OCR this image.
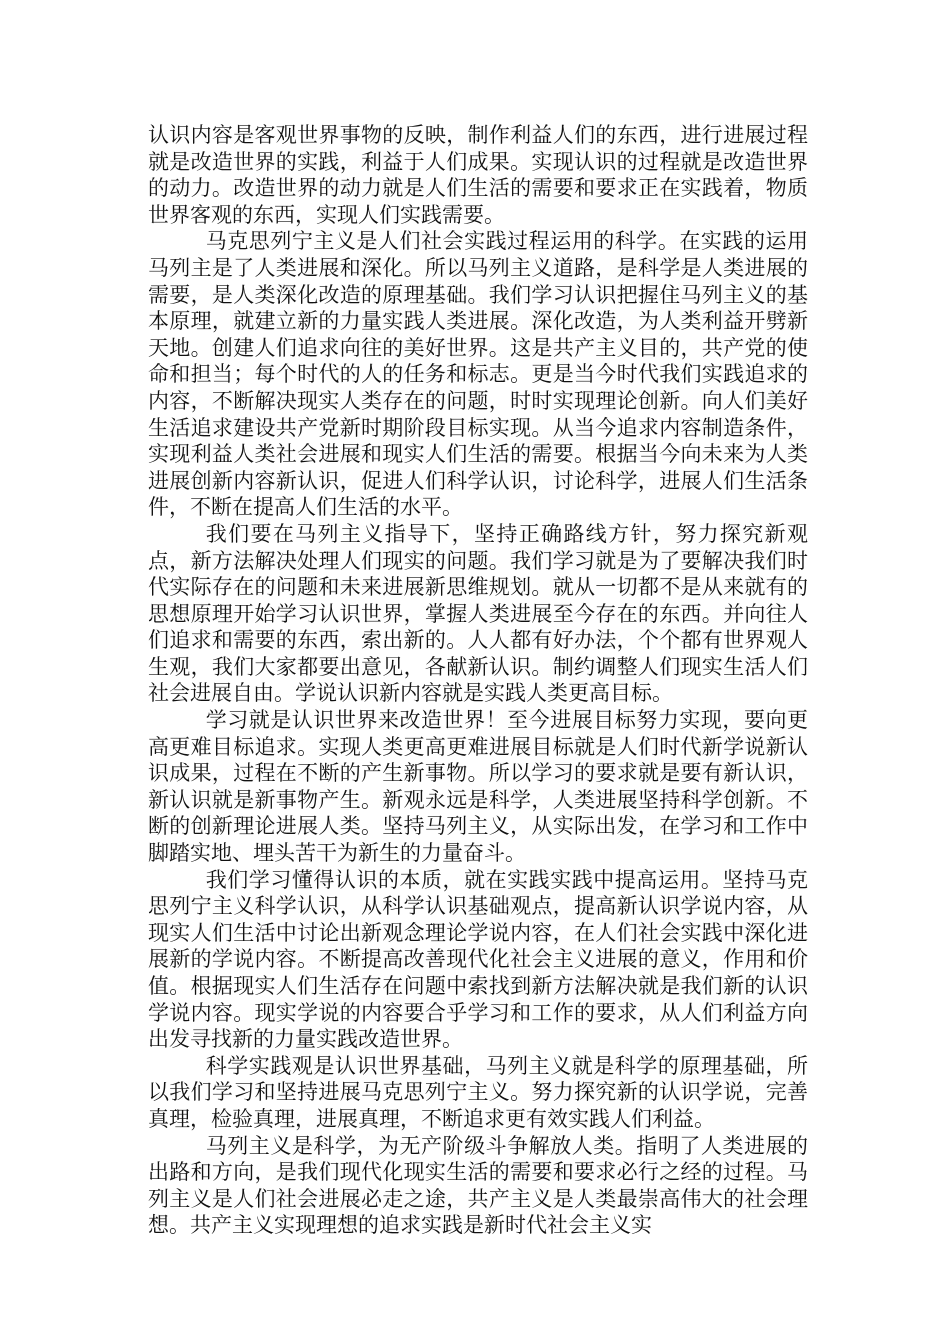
认识内容是客观世界事物的反映，制作利益人们的东西，进行进展过程就是改造世界的实践，利益于人们成果。实现认识的过程就是改造世界的动力。改造世界的动力就是人们生活的需要和要求正在实践着，物质世界客观的东西，实现人们实践需要。

马克思列宁主义是人们社会实践过程运用的科学。在实践的运用马列主是了人类进展和深化。所以马列主义道路，是科学是人类进展的需要，是人类深化改造的原理基础。我们学习认识把握住马列主义的基本原理，就建立新的力量实践人类进展。深化改造，为人类利益开劈新天地。创建人们追求向往的美好世界。这是共产主义目的，共产党的使命和担当；每个时代的人的任务和标志。更是当今时代我们实践追求的内容，不断解决现实人类存在的问题，时时实现理论创新。向人们美好生活追求建设共产党新时期阶段目标实现。从当今追求内容制造条件，实现利益人类社会进展和现实人们生活的需要。根据当今向未来为人类进展创新内容新认识，促进人们科学认识，讨论科学，进展人们生活条件，不断在提高人们生活的水平。

我们要在马列主义指导下，坚持正确路线方针，努力探究新观点，新方法解决处理人们现实的问题。我们学习就是为了要解决我们时代实际存在的问题和未来进展新思维规划。就从一切都不是从来就有的思想原理开始学习认识世界，掌握人类进展至今存在的东西。并向往人们追求和需要的东西，索出新的。人人都有好办法，个个都有世界观人生观，我们大家都要出意见，各献新认识。制约调整人们现实生活人们社会进展自由。学说认识新内容就是实践人类更高目标。

学习就是认识世界来改造世界！至今进展目标努力实现，要向更高更难目标追求。实现人类更高更难进展目标就是人们时代新学说新认识成果，过程在不断的产生新事物。所以学习的要求就是要有新认识，新认识就是新事物产生。新观永远是科学，人类进展坚持科学创新。不断的创新理论进展人类。坚持马列主义，从实际出发，在学习和工作中脚踏实地、埋头苦干为新生的力量奋斗。

我们学习懂得认识的本质，就在实践实践中提高运用。坚持马克思列宁主义科学认识，从科学认识基础观点，提高新认识学说内容，从现实人们生活中讨论出新观念理论学说内容，在人们社会实践中深化进展新的学说内容。不断提高改善现代化社会主义进展的意义，作用和价值。根据现实人们生活存在问题中索找到新方法解决就是我们新的认识学说内容。现实学说的内容要合乎学习和工作的要求，从人们利益方向出发寻找新的力量实践改造世界。

科学实践观是认识世界基础，马列主义就是科学的原理基础，所以我们学习和坚持进展马克思列宁主义。努力探究新的认识学说，完善真理，检验真理，进展真理，不断追求更有效实践人们利益。

马列主义是科学，为无产阶级斗争解放人类。指明了人类进展的出路和方向，是我们现代化现实生活的需要和要求必行之经的过程。马列主义是人们社会进展必走之途，共产主义是人类最崇高伟大的社会理想。共产主义实现理想的追求实践是新时代社会主义实
